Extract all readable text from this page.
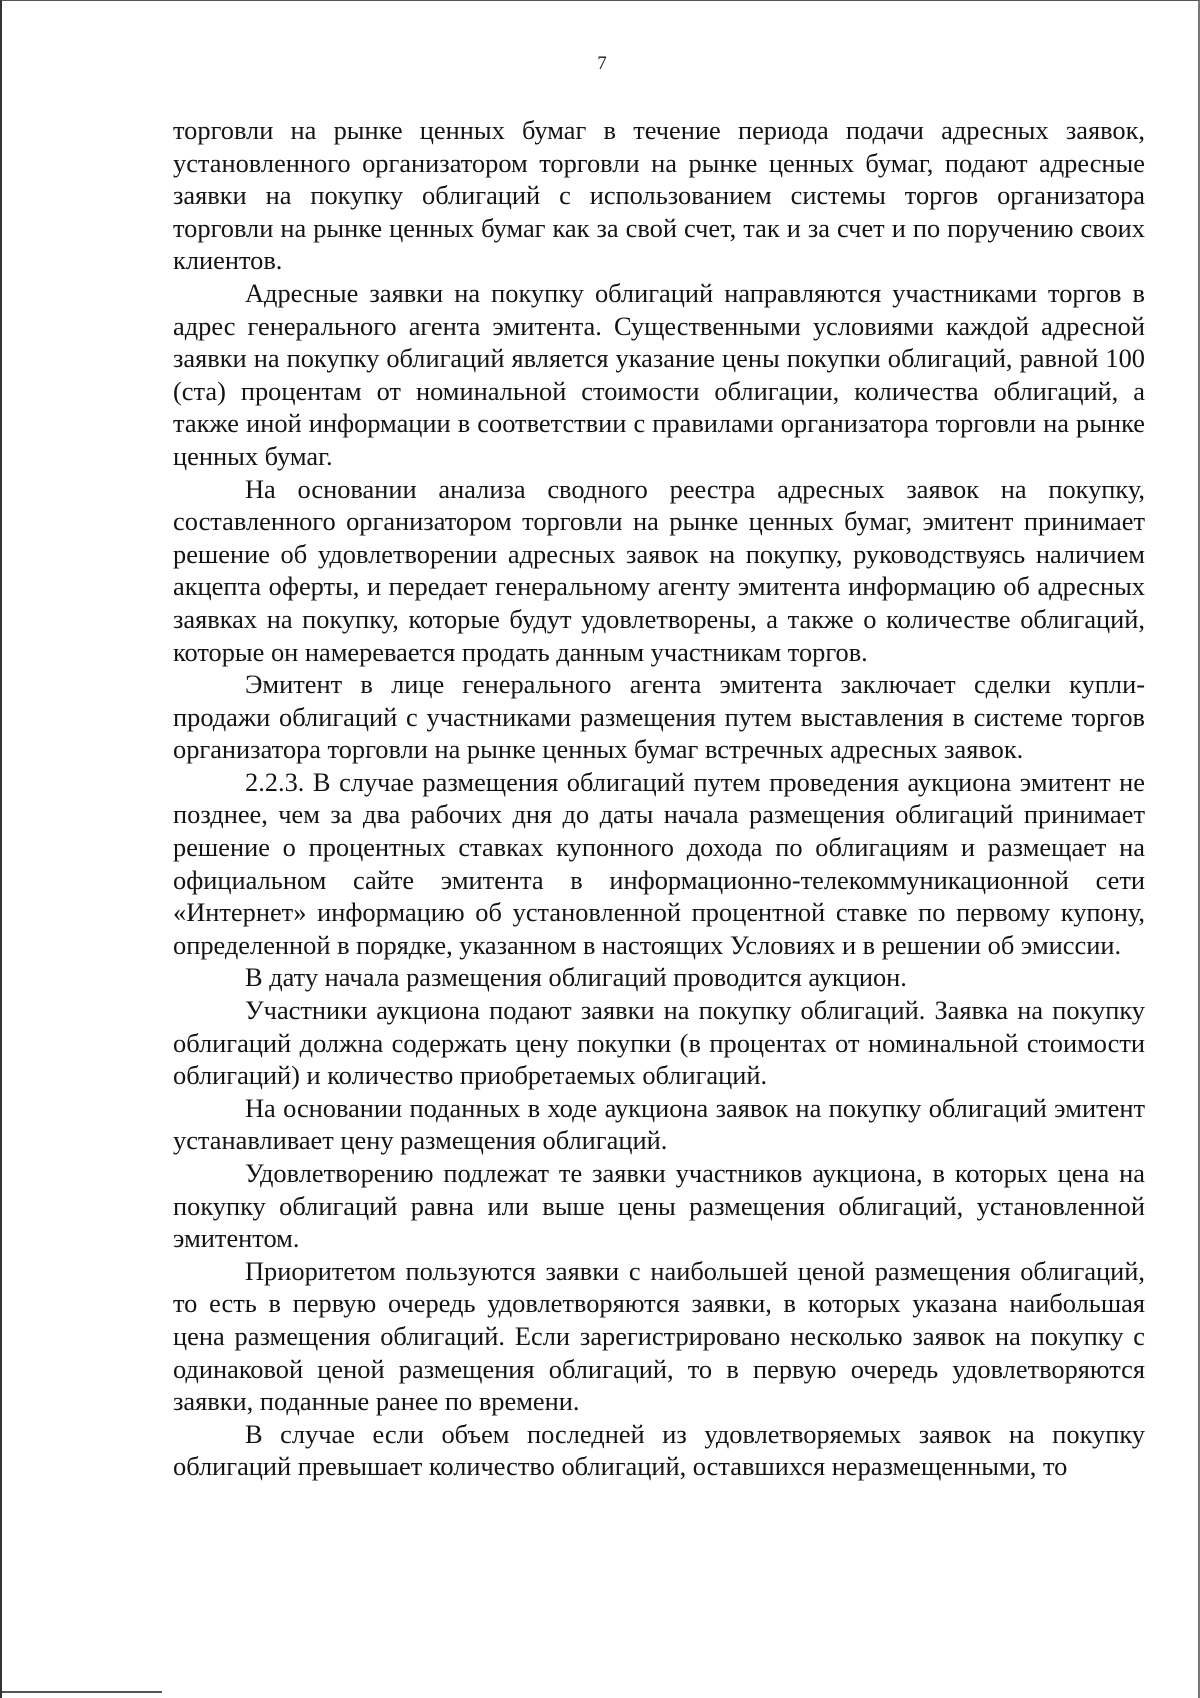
7

торговли на рынке ценных бумаг в течение периода подачи адресных заявок, установленного организатором торговли на рынке ценных бумаг, подают адресные заявки на покупку облигаций с использованием системы торгов организатора торговли на рынке ценных бумаг как за свой счет, так и за счет и по поручению своих клиентов.

Адресные заявки на покупку облигаций направляются участниками торгов в адрес генерального агента эмитента. Существенными условиями каждой адресной заявки на покупку облигаций является указание цены покупки облигаций, равной 100 (ста) процентам от номинальной стоимости облигации, количества облигаций, а также иной информации в соответствии с правилами организатора торговли на рынке ценных бумаг.

На основании анализа сводного реестра адресных заявок на покупку, составленного организатором торговли на рынке ценных бумаг, эмитент принимает решение об удовлетворении адресных заявок на покупку, руководствуясь наличием акцепта оферты, и передает генеральному агенту эмитента информацию об адресных заявках на покупку, которые будут удовлетворены, а также о количестве облигаций, которые он намеревается продать данным участникам торгов.

Эмитент в лице генерального агента эмитента заключает сделки купли-продажи облигаций с участниками размещения путем выставления в системе торгов организатора торговли на рынке ценных бумаг встречных адресных заявок.

2.2.3. В случае размещения облигаций путем проведения аукциона эмитент не позднее, чем за два рабочих дня до даты начала размещения облигаций принимает решение о процентных ставках купонного дохода по облигациям и размещает на официальном сайте эмитента в информационно-телекоммуникационной сети «Интернет» информацию об установленной процентной ставке по первому купону, определенной в порядке, указанном в настоящих Условиях и в решении об эмиссии.

В дату начала размещения облигаций проводится аукцион.

Участники аукциона подают заявки на покупку облигаций. Заявка на покупку облигаций должна содержать цену покупки (в процентах от номинальной стоимости облигаций) и количество приобретаемых облигаций.

На основании поданных в ходе аукциона заявок на покупку облигаций эмитент устанавливает цену размещения облигаций.

Удовлетворению подлежат те заявки участников аукциона, в которых цена на покупку облигаций равна или выше цены размещения облигаций, установленной эмитентом.

Приоритетом пользуются заявки с наибольшей ценой размещения облигаций, то есть в первую очередь удовлетворяются заявки, в которых указана наибольшая цена размещения облигаций. Если зарегистрировано несколько заявок на покупку с одинаковой ценой размещения облигаций, то в первую очередь удовлетворяются заявки, поданные ранее по времени.

В случае если объем последней из удовлетворяемых заявок на покупку облигаций превышает количество облигаций, оставшихся неразмещенными, то
